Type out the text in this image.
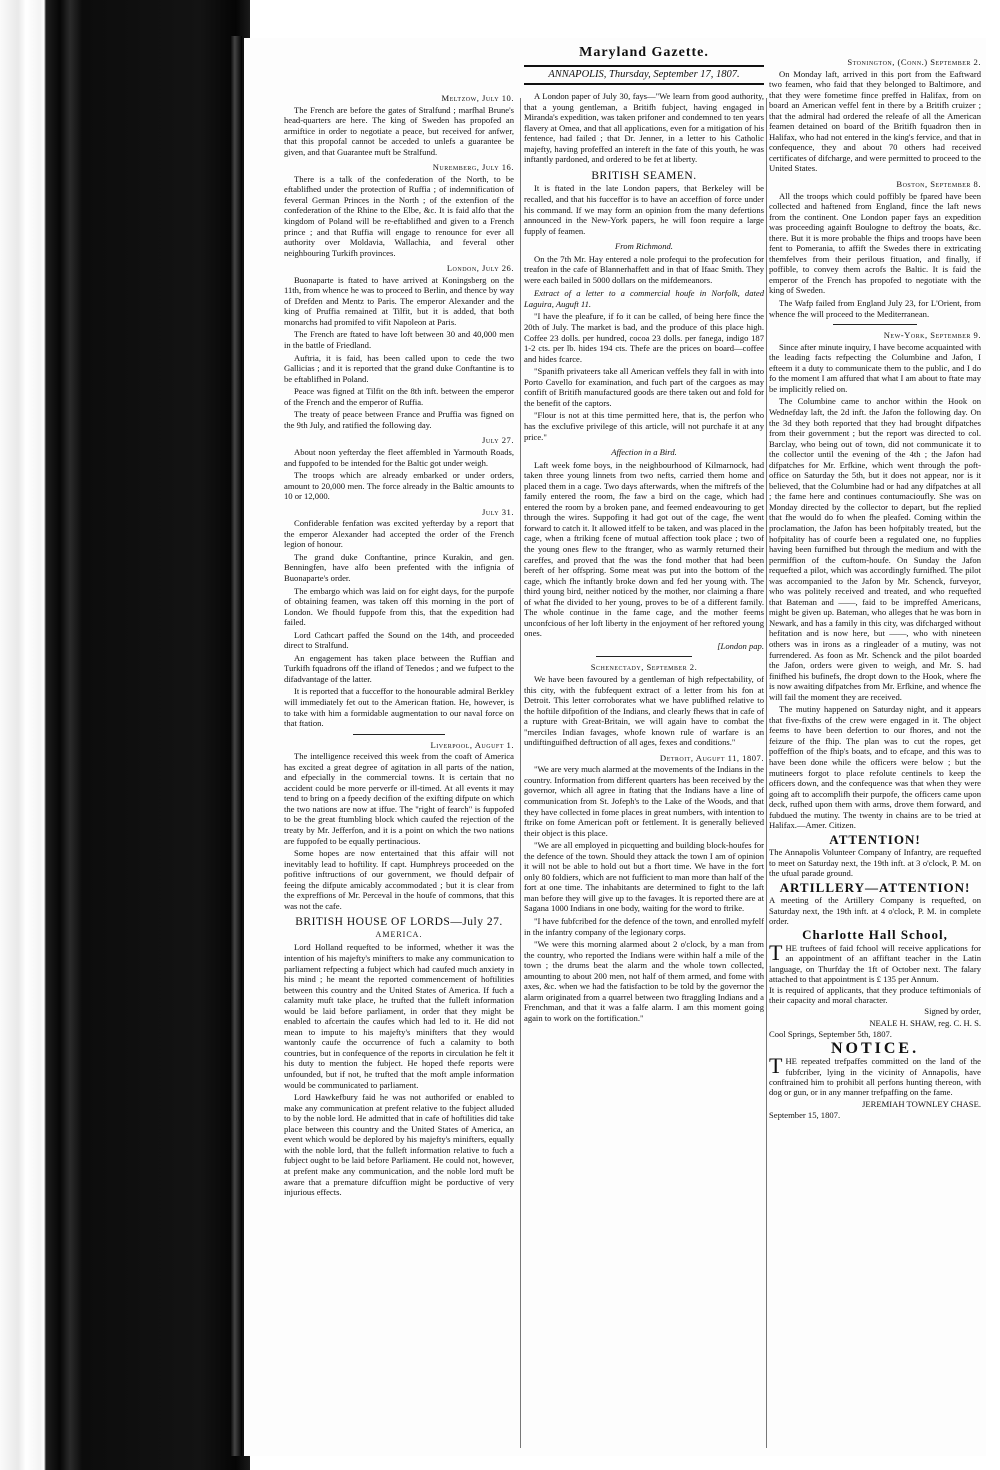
Meltzow, July 10.

The French are before the gates of Stralfund ; marfhal Brune's head-quarters are here. The king of Sweden has propofed an armiftice in order to negotiate a peace, but received for anfwer, that this propofal cannot be acceded to unlefs a guarantee be given, and that Guarantee muft be Stralfund.

Nuremberg, July 16.

There is a talk of the confederation of the North, to be eftablifhed under the protection of Ruffia ; of indemnification of feveral German Princes in the North ; of the extenfion of the confederation of the Rhine to the Elbe, &c. It is faid alfo that the kingdom of Poland will be re-eftablifhed and given to a French prince ; and that Ruffia will engage to renounce for ever all authority over Moldavia, Wallachia, and feveral other neighbouring Turkifh provinces.

London, July 26.

Buonaparte is ftated to have arrived at Koningsberg on the 11th, from whence he was to proceed to Berlin, and thence by way of Drefden and Mentz to Paris. The emperor Alexander and the king of Pruffia remained at Tilfit, but it is added, that both monarchs had promifed to vifit Napoleon at Paris.

The French are ftated to have loft between 30 and 40,000 men in the battle of Friedland.

Auftria, it is faid, has been called upon to cede the two Gallicias ; and it is reported that the grand duke Conftantine is to be eftablifhed in Poland.

Peace was figned at Tilfit on the 8th inft. between the emperor of the French and the emperor of Ruffia.

The treaty of peace between France and Pruffia was figned on the 9th July, and ratified the following day.

July 27.

About noon yefterday the fleet affembled in Yarmouth Roads, and fuppofed to be intended for the Baltic got under weigh.

The troops which are already embarked or under orders, amount to 20,000 men. The force already in the Baltic amounts to 10 or 12,000.

July 31.

Confiderable fenfation was excited yefterday by a report that the emperor Alexander had accepted the order of the French legion of honour.

The grand duke Conftantine, prince Kurakin, and gen. Benningfen, have alfo been prefented with the infignia of Buonaparte's order.

The embargo which was laid on for eight days, for the purpofe of obtaining feamen, was taken off this morning in the port of London. We fhould fuppofe from this, that the expedition had failed.

Lord Cathcart paffed the Sound on the 14th, and proceeded direct to Stralfund.

An engagement has taken place between the Ruffian and Turkifh fquadrons off the ifland of Tenedos ; and we fufpect to the difadvantage of the latter.

It is reported that a fucceffor to the honourable admiral Berkley will immediately fet out to the American ftation. He, however, is to take with him a formidable augmentation to our naval force on that ftation.

Liverpool, Auguft 1.

The intelligence received this week from the coaft of America has excited a great degree of agitation in all parts of the nation, and efpecially in the commercial towns. It is certain that no accident could be more perverfe or ill-timed. At all events it may tend to bring on a fpeedy decifion of the exifting difpute on which the two nations are now at iffue. The "right of fearch" is fuppofed to be the great ftumbling block which caufed the rejection of the treaty by Mr. Jefferfon, and it is a point on which the two nations are fuppofed to be equally pertinacious.

Some hopes are now entertained that this affair will not inevitably lead to hoftility. If capt. Humphreys proceeded on the pofitive inftructions of our government, we fhould defpair of feeing the difpute amicably accommodated ; but it is clear from the expreffions of Mr. Perceval in the houfe of commons, that this was not the cafe.

BRITISH HOUSE OF LORDS—July 27.
AMERICA.

Lord Holland requefted to be informed, whether it was the intention of his majefty's minifters to make any communication to parliament refpecting a fubject which had caufed much anxiety in his mind ; he meant the reported commencement of hoftilities between this country and the United States of America. If fuch a calamity muft take place, he trufted that the fulleft information would be laid before parliament, in order that they might be enabled to afcertain the caufes which had led to it. He did not mean to impute to his majefty's minifters that they would wantonly caufe the occurrence of fuch a calamity to both countries, but in confequence of the reports in circulation he felt it his duty to mention the fubject. He hoped thefe reports were unfounded, but if not, he trufted that the moft ample information would be communicated to parliament.

Lord Hawkefbury faid he was not authorifed or enabled to make any communication at prefent relative to the fubject alluded to by the noble lord. He admitted that in cafe of hoftilities did take place between this country and the United States of America, an event which would be deplored by his majefty's minifters, equally with the noble lord, that the fulleft information relative to fuch a fubject ought to be laid before Parliament. He could not, however, at prefent make any communication, and the noble lord muft be aware that a premature difcuffion might be porductive of very injurious effects.

Maryland Gazette.
ANNAPOLIS, Thursday, September 17, 1807.

A London paper of July 30, fays—"We learn from good authority, that a young gentleman, a Britifh fubject, having engaged in Miranda's expedition, was taken prifoner and condemned to ten years flavery at Omea, and that all applications, even for a mitigation of his fentence, had failed ; that Dr. Jenner, in a letter to his Catholic majefty, having profeffed an intereft in the fate of this youth, he was inftantly pardoned, and ordered to be fet at liberty.

BRITISH SEAMEN.

It is ftated in the late London papers, that Berkeley will be recalled, and that his fucceffor is to have an acceffion of force under his command. If we may form an opinion from the many defertions announced in the New-York papers, he will foon require a large fupply of feamen.

From Richmond.

On the 7th Mr. Hay entered a nole profequi to the profecution for treafon in the cafe of Blannerhaffett and in that of Ifaac Smith. They were each bailed in 5000 dollars on the mifdemeanors.

Extract of a letter to a commercial houfe in Norfolk, dated Laguira, Auguft 11.

"I have the pleafure, if fo it can be called, of being here fince the 20th of July. The market is bad, and the produce of this place high. Coffee 23 dolls. per hundred, cocoa 23 dolls. per fanega, indigo 187 1-2 cts. per lb. hides 194 cts. Thefe are the prices on board—coffee and hides fcarce.

"Spanifh privateers take all American veffels they fall in with into Porto Cavello for examination, and fuch part of the cargoes as may confift of Britifh manufactured goods are there taken out and fold for the benefit of the captors.

"Flour is not at this time permitted here, that is, the perfon who has the exclufive privilege of this article, will not purchafe it at any price."

Affection in a Bird.

Laft week fome boys, in the neighbourhood of Kilmarnock, had taken three young linnets from two nefts, carried them home and placed them in a cage. Two days afterwards, when the miftrefs of the family entered the room, fhe faw a bird on the cage, which had entered the room by a broken pane, and feemed endeavouring to get through the wires. Suppofing it had got out of the cage, fhe went forward to catch it. It allowed itfelf to be taken, and was placed in the cage, when a ftriking fcene of mutual affection took place ; two of the young ones flew to the ftranger, who as warmly returned their careffes, and proved that fhe was the fond mother that had been bereft of her offspring. Some meat was put into the bottom of the cage, which fhe inftantly broke down and fed her young with. The third young bird, neither noticed by the mother, nor claiming a fhare of what fhe divided to her young, proves to be of a different family. The whole continue in the fame cage, and the mother feems unconfcious of her loft liberty in the enjoyment of her reftored young ones.

[London pap.
Schenectady, September 2.

We have been favoured by a gentleman of high refpectability, of this city, with the fubfequent extract of a letter from his fon at Detroit. This letter corroborates what we have publifhed relative to the hoftile difpofition of the Indians, and clearly fhews that in cafe of a rupture with Great-Britain, we will again have to combat the "merciles Indian favages, whofe known rule of warfare is an undiftinguifhed deftruction of all ages, fexes and conditions."

Detroit, Auguft 11, 1807.

"We are very much alarmed at the movements of the Indians in the country. Information from different quarters has been received by the governor, which all agree in ftating that the Indians have a line of communication from St. Jofeph's to the Lake of the Woods, and that they have collected in fome places in great numbers, with intention to ftrike on fome American poft or fettlement. It is generally believed their object is this place.

"We are all employed in picquetting and building block-houfes for the defence of the town. Should they attack the town I am of opinion it will not be able to hold out but a fhort time. We have in the fort only 80 foldiers, which are not fufficient to man more than half of the fort at one time. The inhabitants are determined to fight to the laft man before they will give up to the favages. It is reported there are at Sagana 1000 Indians in one body, waiting for the word to ftrike.

"I have fubfcribed for the defence of the town, and enrolled myfelf in the infantry company of the legionary corps.

"We were this morning alarmed about 2 o'clock, by a man from the country, who reported the Indians were within half a mile of the town ; the drums beat the alarm and the whole town collected, amounting to about 200 men, not half of them armed, and fome with axes, &c. when we had the fatisfaction to be told by the governor the alarm originated from a quarrel between two ftraggling Indians and a Frenchman, and that it was a falfe alarm. I am this moment going again to work on the fortification."

Stonington, (Conn.) September 2.

On Monday laft, arrived in this port from the Eaftward two feamen, who faid that they belonged to Baltimore, and that they were fometime fince preffed in Halifax, from on board an American veffel fent in there by a Britifh cruizer ; that the admiral had ordered the releafe of all the American feamen detained on board of the Britifh fquadron then in Halifax, who had not entered in the king's fervice, and that in confequence, they and about 70 others had received certificates of difcharge, and were permitted to proceed to the United States.

Boston, September 8.

All the troops which could poffibly be fpared have been collected and haftened from England, fince the laft news from the continent. One London paper fays an expedition was proceeding againft Boulogne to deftroy the boats, &c. there. But it is more probable the fhips and troops have been fent to Pomerania, to affift the Swedes there in extricating themfelves from their perilous fituation, and finally, if poffible, to convey them acrofs the Baltic. It is faid the emperor of the French has propofed to negotiate with the king of Sweden.

The Wafp failed from England July 23, for L'Orient, from whence fhe will proceed to the Mediterranean.

New-York, September 9.

Since after minute inquiry, I have become acquainted with the leading facts refpecting the Columbine and Jafon, I efteem it a duty to communicate them to the public, and I do fo the moment I am affured that what I am about to ftate may be implicitly relied on.

The Columbine came to anchor within the Hook on Wednefday laft, the 2d inft. the Jafon the following day. On the 3d they both reported that they had brought difpatches from their government ; but the report was directed to col. Barclay, who being out of town, did not communicate it to the collector until the evening of the 4th ; the Jafon had difpatches for Mr. Erfkine, which went through the poft-office on Saturday the 5th, but it does not appear, nor is it believed, that the Columbine had or had any difpatches at all ; the fame here and continues contumacioufly. She was on Monday directed by the collector to depart, but fhe replied that fhe would do fo when fhe pleafed. Coming within the proclamation, the Jafon has been hofpitably treated, but the hofpitality has of courfe been a regulated one, no fupplies having been furnifhed but through the medium and with the permiffion of the cuftom-houfe. On Sunday the Jafon requefted a pilot, which was accordingly furnifhed. The pilot was accompanied to the Jafon by Mr. Schenck, furveyor, who was politely received and treated, and who requefted that Bateman and ——, faid to be impreffed Americans, might be given up. Bateman, who alleges that he was born in Newark, and has a family in this city, was difcharged without hefitation and is now here, but ——, who with nineteen others was in irons as a ringleader of a mutiny, was not furrendered. As foon as Mr. Schenck and the pilot boarded the Jafon, orders were given to weigh, and Mr. S. had finifhed his bufinefs, fhe dropt down to the Hook, where fhe is now awaiting difpatches from Mr. Erfkine, and whence fhe will fail the moment they are received.

The mutiny happened on Saturday night, and it appears that five-fixths of the crew were engaged in it. The object feems to have been defertion to our fhores, and not the feizure of the fhip. The plan was to cut the ropes, get poffeffion of the fhip's boats, and to efcape, and this was to have been done while the officers were below ; but the mutineers forgot to place refolute centinels to keep the officers down, and the confequence was that when they were going aft to accomplifh their purpofe, the officers came upon deck, rufhed upon them with arms, drove them forward, and fubdued the mutiny. The twenty in chains are to be tried at Halifax.—Amer. Citizen.

ATTENTION!
The Annapolis Volunteer Company of Infantry, are requefted to meet on Saturday next, the 19th inft. at 3 o'clock, P. M. on the ufual parade ground.
ARTILLERY—ATTENTION!
A meeting of the Artillery Company is requefted, on Saturday next, the 19th inft. at 4 o'clock, P. M. in complete order.
Charlotte Hall School,
THE truftees of faid fchool will receive applications for an appointment of an affiftant teacher in the Latin language, on Thurfday the 1ft of October next. The falary attached to that appointment is £ 135 per Annum.
It is required of applicants, that they produce teftimonials of their capacity and moral character.
Signed by order,
NEALE H. SHAW, reg. C. H. S.
Cool Springs, September 5th, 1807.
NOTICE.
THE repeated trefpaffes committed on the land of the fubfcriber, lying in the vicinity of Annapolis, have conftrained him to prohibit all perfons hunting thereon, with dog or gun, or in any manner trefpaffing on the fame.
JEREMIAH TOWNLEY CHASE.
September 15, 1807.
